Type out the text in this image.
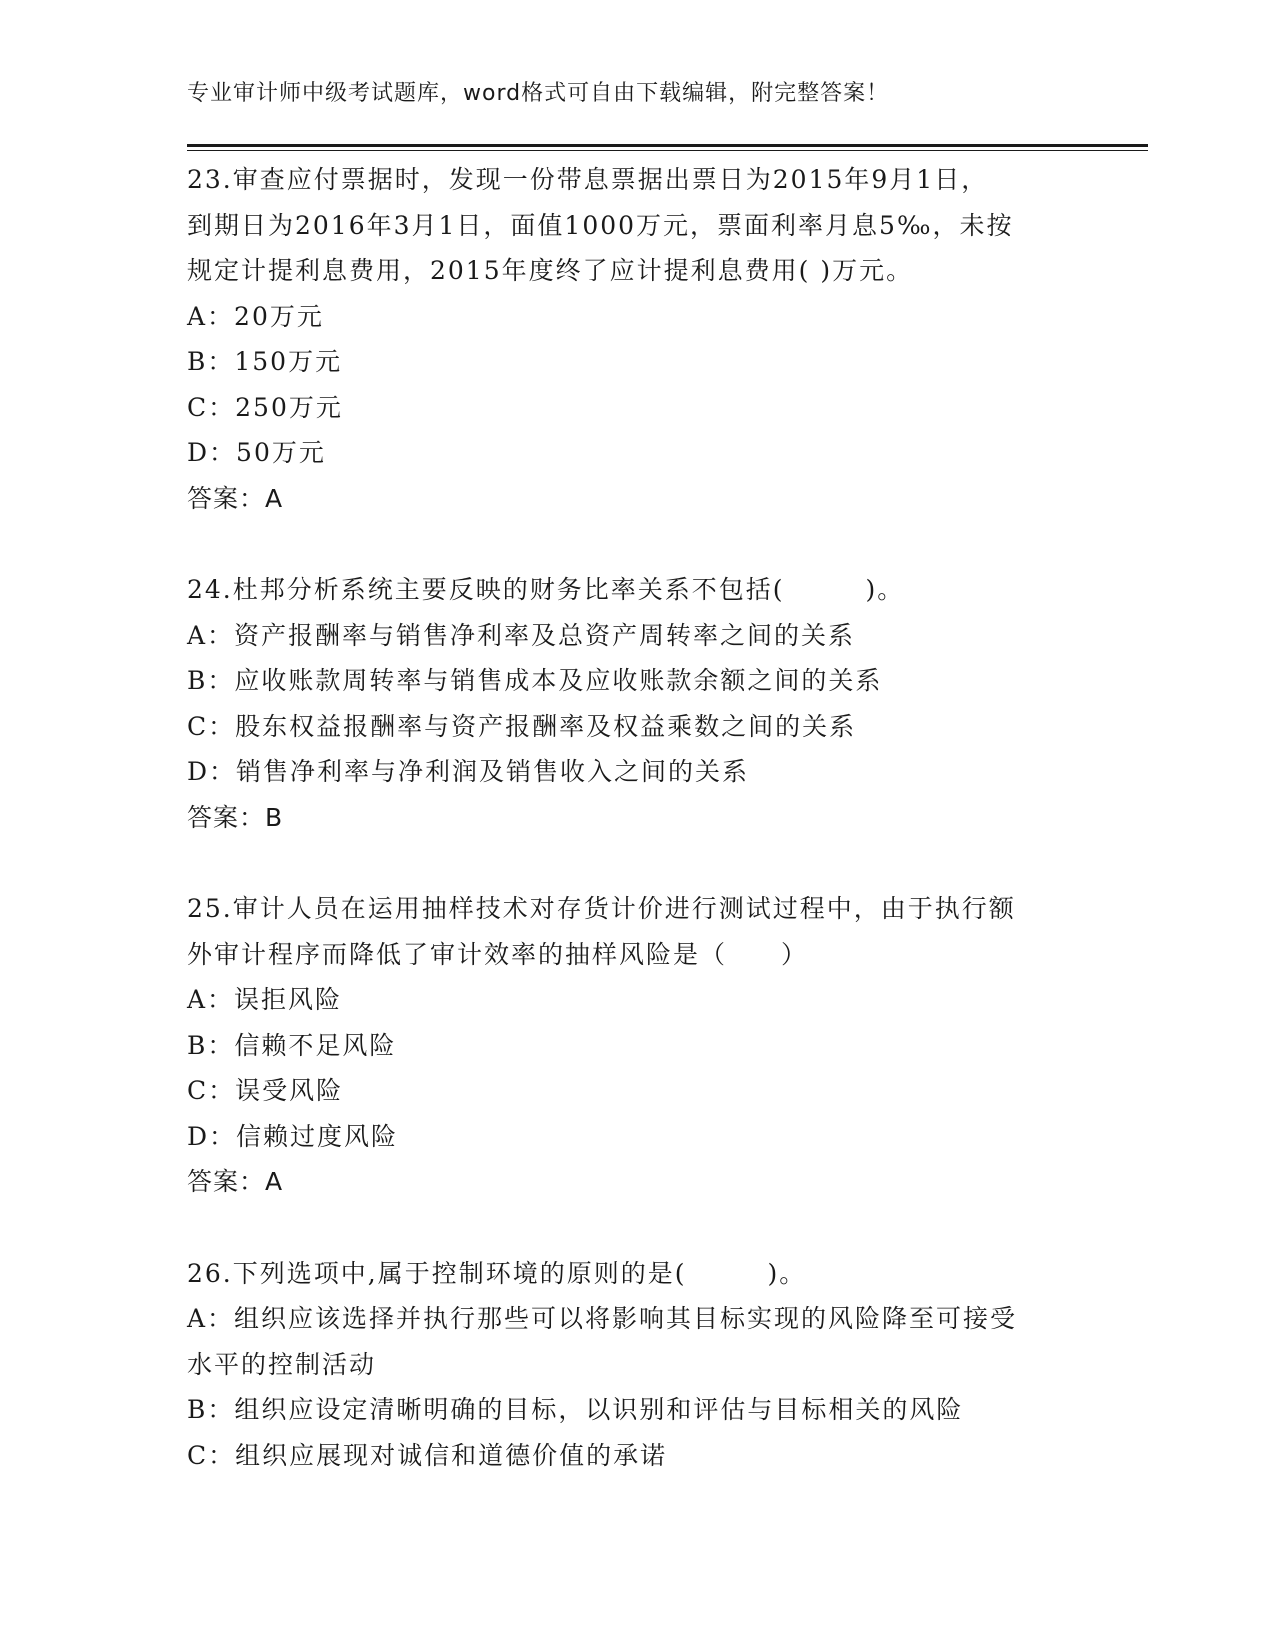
专业审计师中级考试题库，word格式可自由下载编辑，附完整答案！
23.审查应付票据时，发现一份带息票据出票日为2015年9月1日，
到期日为2016年3月1日，面值1000万元，票面利率月息5‰，未按
规定计提利息费用，2015年度终了应计提利息费用( )万元。
A：20万元
B：150万元
C：250万元
D：50万元
答案：A
24.杜邦分析系统主要反映的财务比率关系不包括(　　　)。
A：资产报酬率与销售净利率及总资产周转率之间的关系
B：应收账款周转率与销售成本及应收账款余额之间的关系
C：股东权益报酬率与资产报酬率及权益乘数之间的关系
D：销售净利率与净利润及销售收入之间的关系
答案：B
25.审计人员在运用抽样技术对存货计价进行测试过程中，由于执行额
外审计程序而降低了审计效率的抽样风险是（　　）
A：误拒风险
B：信赖不足风险
C：误受风险
D：信赖过度风险
答案：A
26.下列选项中,属于控制环境的原则的是(　　　)。
A：组织应该选择并执行那些可以将影响其目标实现的风险降至可接受
水平的控制活动
B：组织应设定清晰明确的目标，以识别和评估与目标相关的风险
C：组织应展现对诚信和道德价值的承诺
